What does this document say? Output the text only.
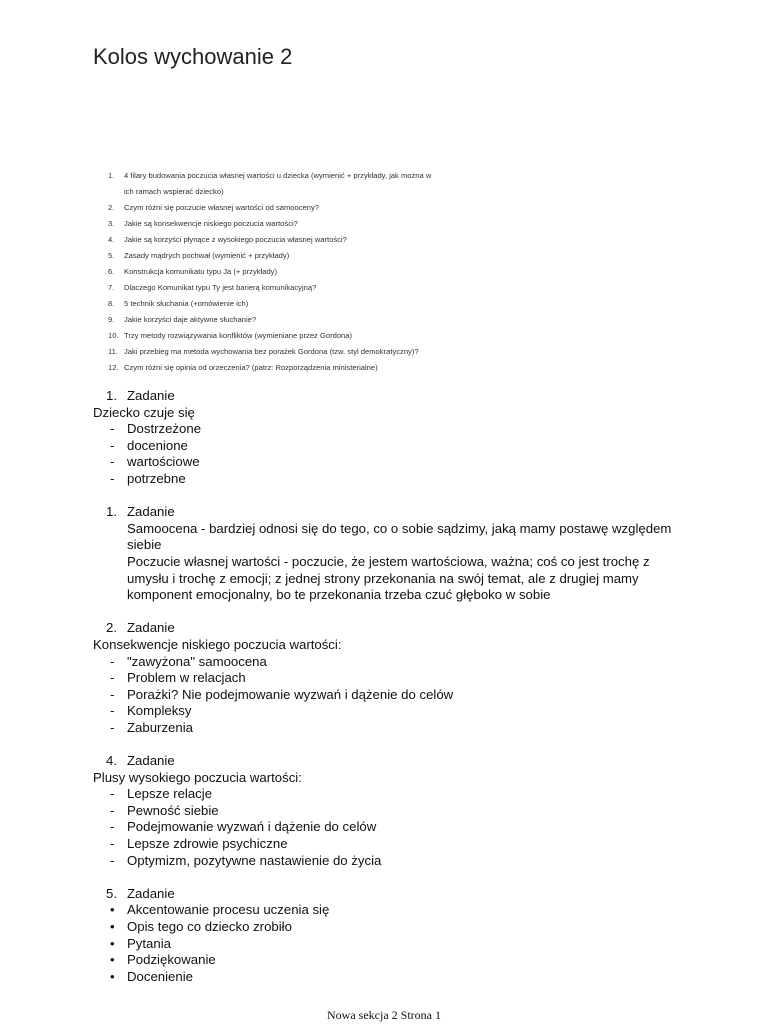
Kolos wychowanie 2
1.	4 filary budowania poczucia własnej wartości u dziecka (wymienić + przykłady, jak można w
ich ramach wspierać dziecko)
2.	Czym różni się poczucie własnej wartości od samooceny?
3.	Jakie są konsekwencje niskiego poczucia wartości?
4.	Jakie są korzyści płynące z wysokiego poczucia własnej wartości?
5.	Zasady mądrych pochwał (wymienić + przykłady)
6.	Konstrukcja komunikatu typu Ja (+ przykłady)
7.	Dlaczego Komunikat typu Ty jest barierą komunikacyjną?
8.	5 technik słuchania (+omówienie ich)
9.	Jakie korzyści daje aktywne słuchanie?
10. Trzy metody rozwiązywania konfliktów (wymieniane przez Gordona)
11. Jaki przebieg ma metoda wychowania bez porażek Gordona (tzw. styl demokratyczny)?
12. Czym różni się opinia od orzeczenia? (patrz: Rozporządzenia ministerialne)
1. Zadanie
Dziecko czuje się
- Dostrzeżone
- docenione
- wartościowe
- potrzebne
1. Zadanie
Samoocena - bardziej odnosi się do tego, co o sobie sądzimy, jaką mamy postawę względem
siebie
Poczucie własnej wartości - poczucie, że jestem wartościowa, ważna; coś co jest trochę z
umysłu i trochę z emocji; z jednej strony przekonania na swój temat, ale z drugiej mamy
komponent emocjonalny, bo te przekonania trzeba czuć głęboko w sobie
2. Zadanie
Konsekwencje niskiego poczucia wartości:
- "zawyżona" samoocena
- Problem w relacjach
- Porażki? Nie podejmowanie wyzwań i dążenie do celów
- Kompleksy
- Zaburzenia
4. Zadanie
Plusy wysokiego poczucia wartości:
- Lepsze relacje
- Pewność siebie
- Podejmowanie wyzwań i dążenie do celów
- Lepsze zdrowie psychiczne
- Optymizm, pozytywne nastawienie do życia
5. Zadanie
• Akcentowanie procesu uczenia się
• Opis tego co dziecko zrobiło
• Pytania
• Podziękowanie
• Docenienie
Nowa sekcja 2 Strona 1
